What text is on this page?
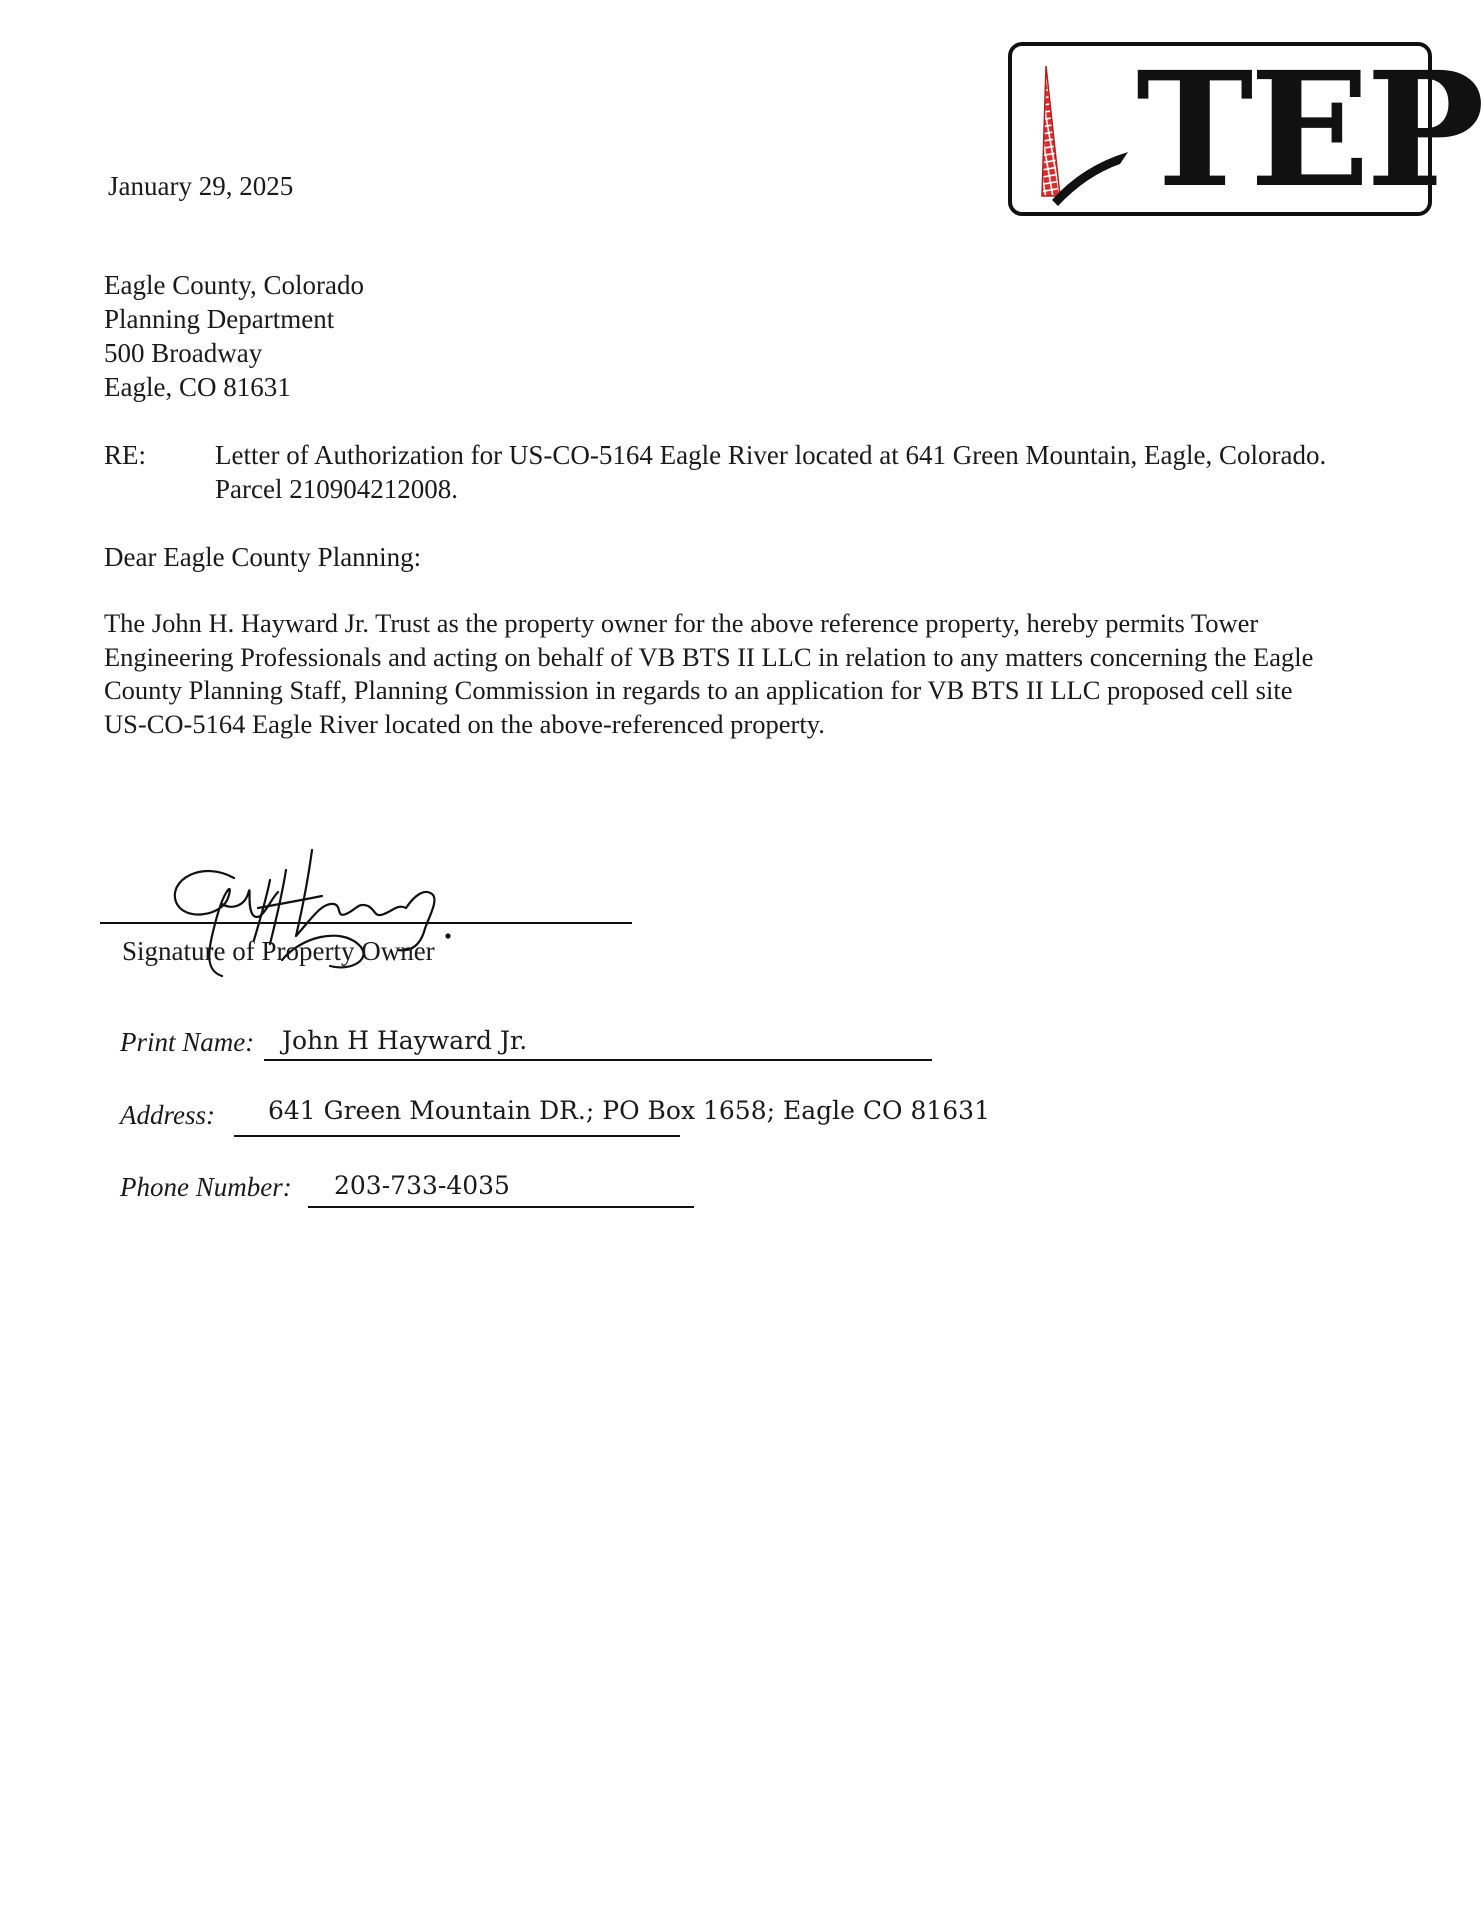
TEP
January 29, 2025
Eagle County, Colorado
Planning Department
500 Broadway
Eagle, CO 81631
RE:	Letter of Authorization for US-CO-5164 Eagle River located at 641 Green Mountain, Eagle, Colorado.
Parcel 210904212008.
Dear Eagle County Planning:
The John H. Hayward Jr. Trust as the property owner for the above reference property, hereby permits Tower
Engineering Professionals and acting on behalf of VB BTS II LLC in relation to any matters concerning the Eagle
County Planning Staff, Planning Commission in regards to an application for VB BTS II LLC proposed cell site
US-CO-5164 Eagle River located on the above-referenced property.
Signature of Property Owner
Print Name: John H Hayward Jr.
Address: 641 Green Mountain DR.; PO Box 1658; Eagle CO 81631
Phone Number: 203-733-4035
